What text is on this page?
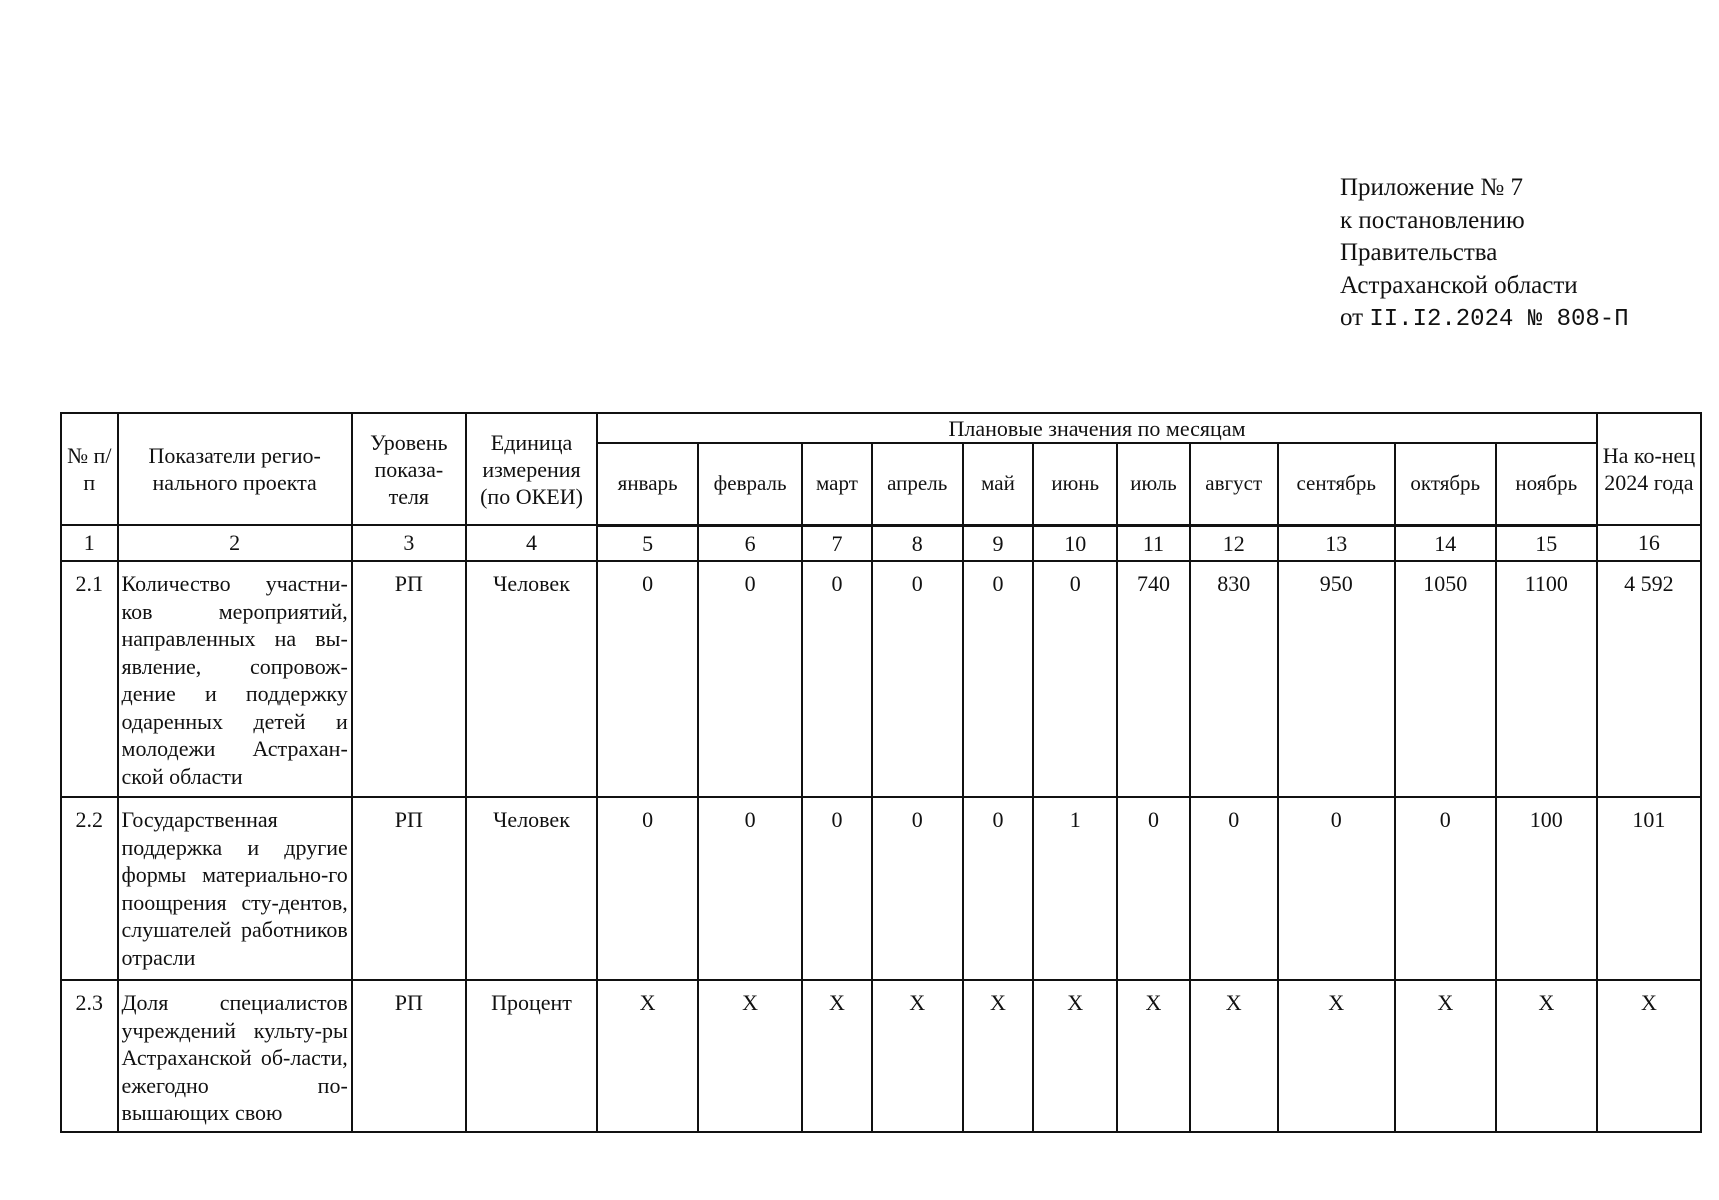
Приложение № 7
к постановлению
Правительства
Астраханской области
от II.I2.2024 № 808-П
№ п/п	Показатели регио-нального проекта	Уровень показа-теля	Единица измерения (по ОКЕИ)	Плановые значения по месяцам											На ко-нец 2024 года
				январь	февраль	март	апрель	май	июнь	июль	август	сентябрь	октябрь	ноябрь	
1	2	3	4	5	6	7	8	9	10	11	12	13	14	15	16
2.1	Количество участни-ков мероприятий, направленных на вы-явление, сопровож-дение и поддержку одаренных детей и молодежи Астрахан-ской области	РП	Человек	0	0	0	0	0	0	740	830	950	1050	1100	4 592
2.2	Государственная поддержка и другие формы материально-го поощрения сту-дентов, слушателей работников отрасли	РП	Человек	0	0	0	0	0	1	0	0	0	0	100	101
2.3	Доля специалистов учреждений культу-ры Астраханской об-ласти, ежегодно по-вышающих свою	РП	Процент	X	X	X	X	X	X	X	X	X	X	X	X
